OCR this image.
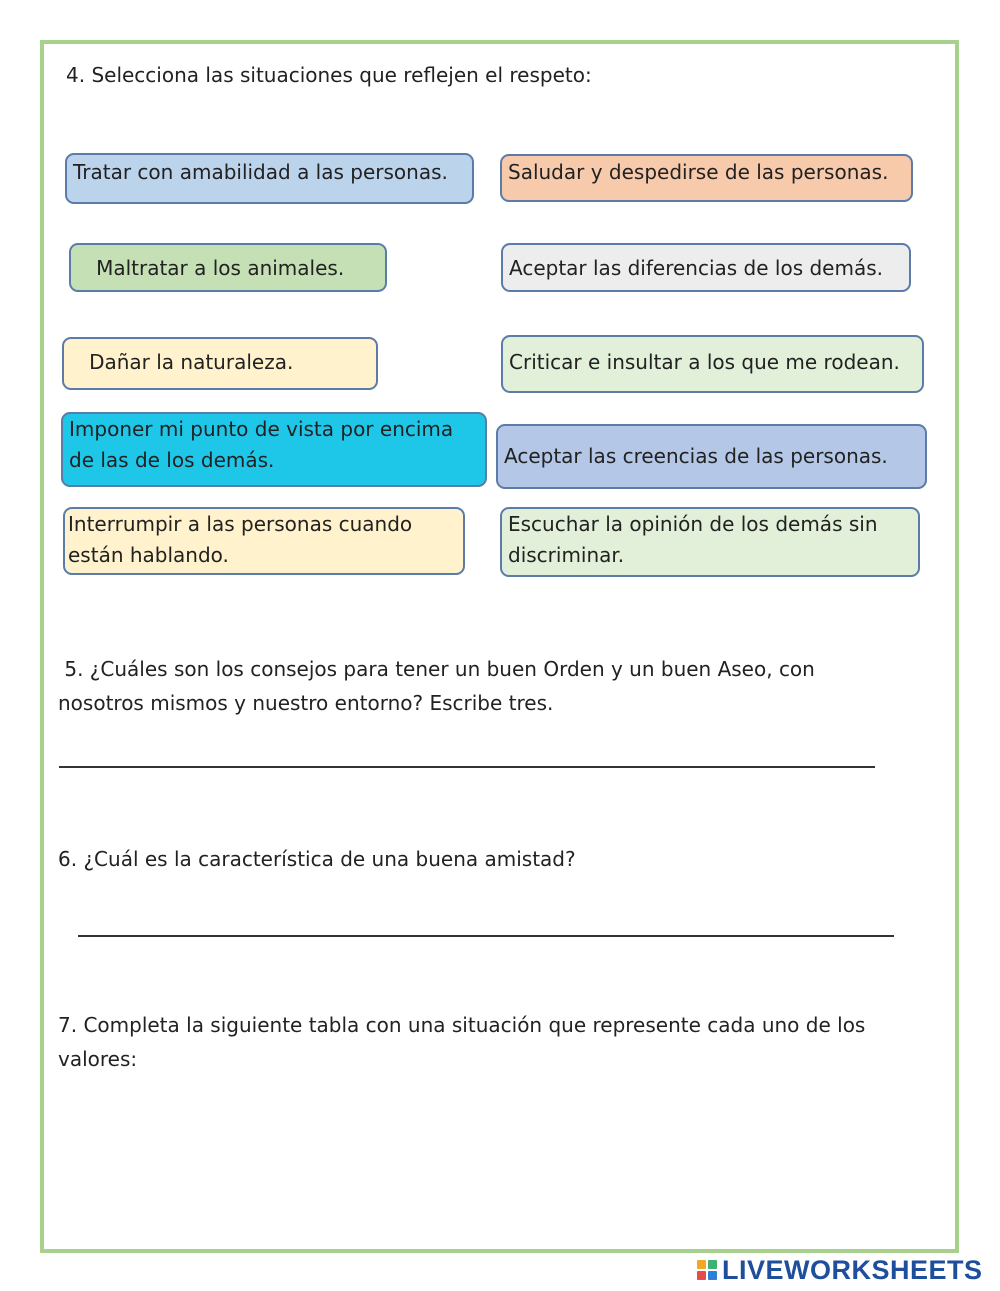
4. Selecciona las situaciones que reflejen el respeto:
Tratar con amabilidad a las personas.	Saludar y despedirse de las personas.
Maltratar a los animales.	Aceptar las diferencias de los demás.
Dañar la naturaleza.	Criticar e insultar a los que me rodean.
Imponer mi punto de vista por encima de las de los demás.	Aceptar las creencias de las personas.
Interrumpir a las personas cuando están hablando.
Escuchar la opinión de los demás sin discriminar.
5. ¿Cuáles son los consejos para tener un buen Orden y un buen Aseo, con nosotros mismos y nuestro entorno? Escribe tres.
6. ¿Cuál es la característica de una buena amistad?
7. Completa la siguiente tabla con una situación que represente cada uno de los valores:
LIVEWORKSHEETS
